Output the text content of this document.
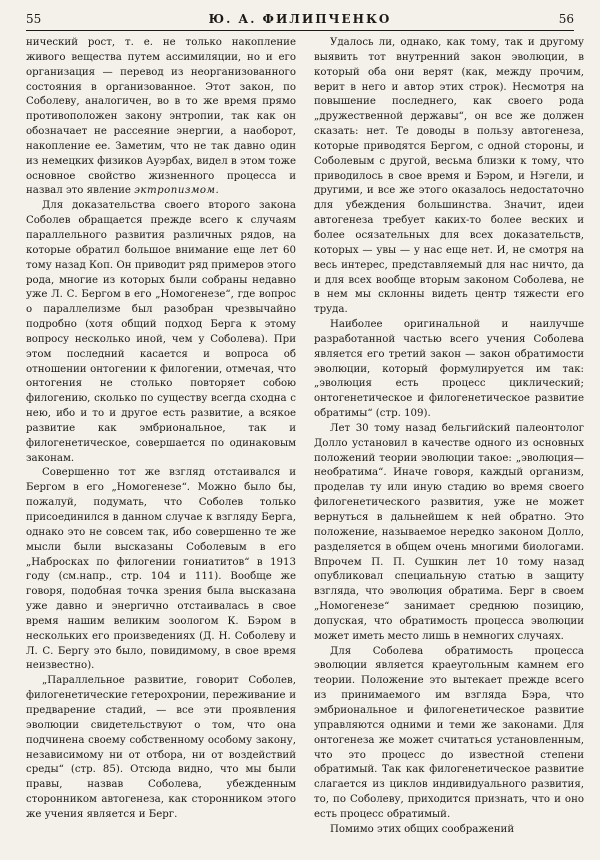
55	Ю. А. ФИЛИПЧЕНКО	56

нический рост, т. е. не только накопление живого вещества путем ассимиляции, но и его организация — перевод из неорганизованного состояния в организованное. Этот закон, по Соболеву, аналогичен, во в то же время прямо противоположен закону энтропии, так как он обозначает не рассеяние энергии, а наоборот, накопление ее. Заметим, что не так давно один из немецких физиков Ауэрбах, видел в этом тоже основное свойство жизненного процесса и назвал это явление эктропизмом.

Для доказательства своего второго закона Соболев обращается прежде всего к случаям параллельного развития различных рядов, на которые обратил большое внимание еще лет 60 тому назад Коп. Он приводит ряд примеров этого рода, многие из которых были собраны недавно уже Л. С. Бергом в его „Номогенезе“, где вопрос о параллелизме был разобран чрезвычайно подробно (хотя общий подход Берга к этому вопросу несколько иной, чем у Соболева). При этом последний касается и вопроса об отношении онтогении к филогении, отмечая, что онтогения не столько повторяет собою филогению, сколько по существу всегда сходна с нею, ибо и то и другое есть развитие, а всякое развитие как эмбриональное, так и филогенетическое, совершается по одинаковым законам.

Совершенно тот же взгляд отстаивался и Бергом в его „Номогенезе“. Можно было бы, пожалуй, подумать, что Соболев только присоединился в данном случае к взгляду Берга, однако это не совсем так, ибо совершенно те же мысли были высказаны Соболевым в его „Набросках по филогении гониатитов“ в 1913 году (см.напр., стр. 104 и 111). Вообще же говоря, подобная точка зрения была высказана уже давно и энергично отстаивалась в свое время нашим великим зоологом К. Бэром в нескольких его произведениях (Д. Н. Соболеву и Л. С. Бергу это было, повидимому, в свое время неизвестно).

„Параллельное развитие, говорит Соболев, филогенетические гетерохронии, переживание и предварение стадий, — все эти проявления эволюции свидетельствуют о том, что она подчинена своему собственному особому закону, независимому ни от отбора, ни от воздействий среды“ (стр. 85). Отсюда видно, что мы были правы, назвав Соболева, убежденным сторонником автогенеза, как сторонником этого же учения является и Берг.

Удалось ли, однако, как тому, так и другому выявить тот внутренний закон эволюции, в который оба они верят (как, между прочим, верит в него и автор этих строк). Несмотря на повышение последнего, как своего рода „дружественной державы“, он все же должен сказать: нет. Те доводы в пользу автогенеза, которые приводятся Бергом, с одной стороны, и Соболевым с другой, весьма близки к тому, что приводилось в свое время и Бэром, и Нэгели, и другими, и все же этого оказалось недостаточно для убеждения большинства. Значит, идеи автогенеза требует каких-то более веских и более осязательных для всех доказательств, которых — увы — у нас еще нет. И, не смотря на весь интерес, представляемый для нас ничто, да и для всех вообще вторым законом Соболева, не в нем мы склонны видеть центр тяжести его труда.

Наиболее оригинальной и наилучше разработанной частью всего учения Соболева является его третий закон — закон обратимости эволюции, который формулируется им так: „эволюция есть процесс циклический; онтогенетическое и филогенетическое развитие обратимы“ (стр. 109).

Лет 30 тому назад бельгийский палеонтолог Долло установил в качестве одного из основных положений теории эволюции такое: „эволюция—необратима“. Иначе говоря, каждый организм, проделав ту или иную стадию во время своего филогенетического развития, уже не может вернуться в дальнейшем к ней обратно. Это положение, называемое нередко законом Долло, разделяется в общем очень многими биологами. Впрочем П. П. Сушкин лет 10 тому назад опубликовал специальную статью в защиту взгляда, что эволюция обратима. Берг в своем „Номогенезе“ занимает среднюю позицию, допуская, что обратимость процесса эволюции может иметь место лишь в немногих случаях.

Для Соболева обратимость процесса эволюции является краеугольным камнем его теории. Положение это вытекает прежде всего из принимаемого им взгляда Бэра, что эмбриональное и филогенетическое развитие управляются одними и теми же законами. Для онтогенеза же может считаться установленным, что это процесс до известной степени обратимый. Так как филогенетическое развитие слагается из циклов индивидуального развития, то, по Соболеву, приходится признать, что и оно есть процесс обратимый.

Помимо этих общих соображений
